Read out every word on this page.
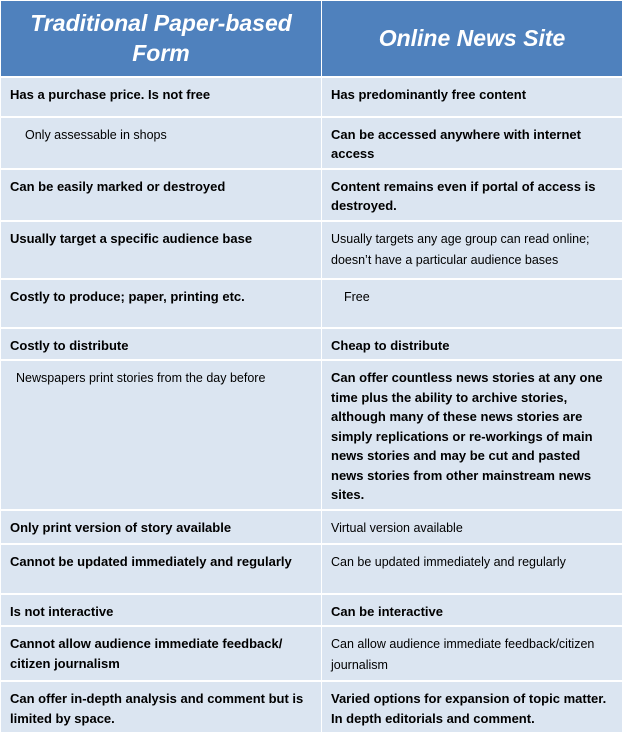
Traditional Paper-based Form	Online News Site
Has a purchase price. Is not free	Has predominantly free content
Only assessable in shops	Can be accessed anywhere with internet access
Can be easily marked or destroyed	Content remains even if portal of access is destroyed.
Usually target a specific audience base	Usually targets any age group can read online; doesn’t have a particular audience bases
Costly to produce; paper, printing etc.	Free
Costly to distribute	Cheap to distribute
Newspapers print stories from the day before	Can offer countless news stories at any one time plus the ability to archive stories, although many of these news stories are simply replications or re-workings of main news stories and may be cut and pasted news stories from other mainstream news sites.
Only print version of story available	Virtual version available
Cannot be updated immediately and regularly	Can be updated immediately and regularly
Is not interactive	Can be interactive
Cannot allow audience immediate feedback/ citizen journalism	Can allow audience immediate feedback/citizen journalism
Can offer in-depth analysis and comment but is limited by space.	Varied options for expansion of topic matter. In depth editorials and comment.
